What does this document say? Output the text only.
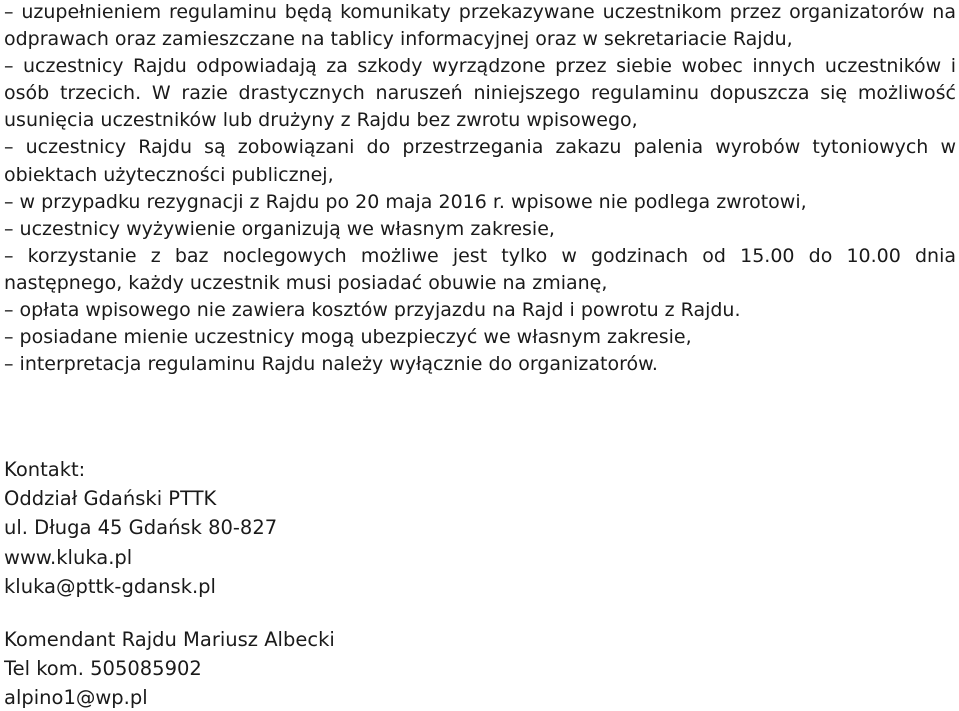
– uzupełnieniem regulaminu będą komunikaty przekazywane uczestnikom przez organizatorów na odprawach oraz zamieszczane na tablicy informacyjnej oraz w sekretariacie Rajdu,

– uczestnicy Rajdu odpowiadają za szkody wyrządzone przez siebie wobec innych uczestników i osób trzecich. W razie drastycznych naruszeń niniejszego regulaminu dopuszcza się możliwość usunięcia uczestników lub drużyny z Rajdu bez zwrotu wpisowego,

– uczestnicy Rajdu są zobowiązani do przestrzegania zakazu palenia wyrobów tytoniowych w obiektach użyteczności publicznej,

– w przypadku rezygnacji z Rajdu po 20 maja 2016 r. wpisowe nie podlega zwrotowi,

– uczestnicy wyżywienie organizują we własnym zakresie,

– korzystanie z baz noclegowych możliwe jest tylko w godzinach od 15.00 do 10.00 dnia następnego, każdy uczestnik musi posiadać obuwie na zmianę,

– opłata wpisowego nie zawiera kosztów przyjazdu na Rajd i powrotu z Rajdu.

– posiadane mienie uczestnicy mogą ubezpieczyć we własnym zakresie,

– interpretacja regulaminu Rajdu należy wyłącznie do organizatorów.

Kontakt:
Oddział Gdański PTTK
ul. Długa 45 Gdańsk 80-827
www.kluka.pl
kluka@pttk-gdansk.pl
Komendant Rajdu Mariusz Albecki
Tel kom. 505085902
alpino1@wp.pl
